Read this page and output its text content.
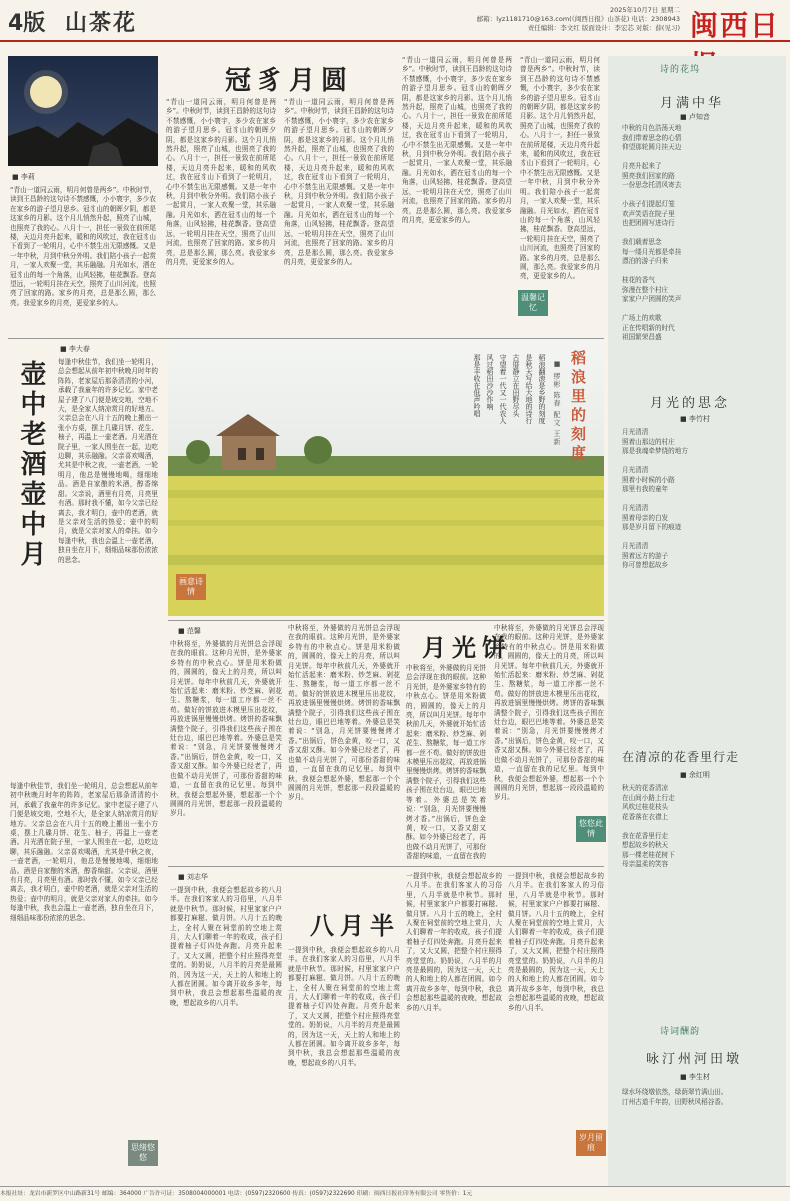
4版 山茶花
2025年10月7日 星期二
邮箱：lyz1181710@163.com(《闽西日报》山茶花) 电话：2308943
责任编辑：李文红 版面设计：李宏芯 对版：薛(见习) 闽西日
■ 李莉
“青山一道同云雨，明月何曾是两乡”。中秋时节，读到王昌龄的这句诗不禁感慨，小小寰宇，多少农在家乡的游子望月思乡。冠豸山的朝晖夕阴，都是这家乡的月影。这个月儿悄然升起，照亮了山城，也照亮了我的心。八月十一，担任一景致在前所尾楼，天边月亮升起来，暖和的风吹过，我在冠豸山下看到了一轮明月，心中不禁生出无限感慨。又是一年中秋，月到中秋分外明。我们陪小孩子一起赏月，一家人欢聚一堂，其乐融融。月光如水，洒在冠豸山的每一个角落，山风轻拂，桂花飘香。登高望远，一轮明月挂在天空，照亮了山川河流，也照亮了回家的路。家乡的月亮，总是那么圆，那么亮。我爱家乡的月亮，更爱家乡的人。
冠豸月圆
“青山一道同云雨，明月何曾是两乡”。中秋时节，读到王昌龄的这句诗不禁感慨，小小寰宇，多少农在家乡的游子望月思乡。冠豸山的朝晖夕阴，都是这家乡的月影。这个月儿悄然升起，照亮了山城，也照亮了我的心。八月十一，担任一景致在前所尾楼，天边月亮升起来，暖和的风吹过，我在冠豸山下看到了一轮明月，心中不禁生出无限感慨。又是一年中秋，月到中秋分外明。我们陪小孩子一起赏月，一家人欢聚一堂，其乐融融。月光如水，洒在冠豸山的每一个角落，山风轻拂，桂花飘香。登高望远，一轮明月挂在天空，照亮了山川河流，也照亮了回家的路。家乡的月亮，总是那么圆，那么亮。我爱家乡的月亮，更爱家乡的人。
“青山一道同云雨，明月何曾是两乡”。中秋时节，读到王昌龄的这句诗不禁感慨，小小寰宇，多少农在家乡的游子望月思乡。冠豸山的朝晖夕阴，都是这家乡的月影。这个月儿悄然升起，照亮了山城，也照亮了我的心。八月十一，担任一景致在前所尾楼，天边月亮升起来，暖和的风吹过，我在冠豸山下看到了一轮明月，心中不禁生出无限感慨。又是一年中秋，月到中秋分外明。我们陪小孩子一起赏月，一家人欢聚一堂，其乐融融。月光如水，洒在冠豸山的每一个角落，山风轻拂，桂花飘香。登高望远，一轮明月挂在天空，照亮了山川河流，也照亮了回家的路。家乡的月亮，总是那么圆，那么亮。我爱家乡的月亮，更爱家乡的人。
“青山一道同云雨，明月何曾是两乡”。中秋时节，读到王昌龄的这句诗不禁感慨，小小寰宇，多少农在家乡的游子望月思乡。冠豸山的朝晖夕阴，都是这家乡的月影。这个月儿悄然升起，照亮了山城，也照亮了我的心。八月十一，担任一景致在前所尾楼，天边月亮升起来，暖和的风吹过，我在冠豸山下看到了一轮明月，心中不禁生出无限感慨。又是一年中秋，月到中秋分外明。我们陪小孩子一起赏月，一家人欢聚一堂，其乐融融。月光如水，洒在冠豸山的每一个角落，山风轻拂，桂花飘香。登高望远，一轮明月挂在天空，照亮了山川河流，也照亮了回家的路。家乡的月亮，总是那么圆，那么亮。我爱家乡的月亮，更爱家乡的人。
“青山一道同云雨，明月何曾是两乡”。中秋时节，读到王昌龄的这句诗不禁感慨，小小寰宇，多少农在家乡的游子望月思乡。冠豸山的朝晖夕阴，都是这家乡的月影。这个月儿悄然升起，照亮了山城，也照亮了我的心。八月十一，担任一景致在前所尾楼，天边月亮升起来，暖和的风吹过，我在冠豸山下看到了一轮明月，心中不禁生出无限感慨。又是一年中秋，月到中秋分外明。我们陪小孩子一起赏月，一家人欢聚一堂，其乐融融。月光如水，洒在冠豸山的每一个角落，山风轻拂，桂花飘香。登高望远，一轮明月挂在天空，照亮了山川河流，也照亮了回家的路。家乡的月亮，总是那么圆，那么亮。我爱家乡的月亮，更爱家乡的人。
温馨记忆
■ 李大春
壶中老酒壶中月	每逢中秋佳节，我们坐一轮明月，总会想起从前年初中秋晚月时年的阵阵，老家屋后那条清清的小河，承载了我童年的许多记忆。家中老屋子建了八门便是坡交地，空地不大，是全家人纳凉赏月的好地方。父亲总会在八月十五的晚上搬出一张小方桌，摆上几碟月饼、花生、柚子，再温上一壶老酒。月光洒在院子里，一家人围坐在一起，边吃边聊，其乐融融。父亲喜欢喝酒，尤其是中秋之夜，一壶老酒，一轮明月，他总是慢慢地喝，细细地品。酒是自家酿的米酒，醇香绵甜。父亲说，酒里有月亮，月亮里有酒。那时我不懂，如今父亲已经离去，我才明白，壶中的老酒，就是父亲对生活的热爱；壶中的明月，就是父亲对家人的牵挂。如今每逢中秋，我也会温上一壶老酒，独自坐在月下，细细品味那份浓浓的思念。
每逢中秋佳节，我们坐一轮明月，总会想起从前年初中秋晚月时年的阵阵，老家屋后那条清清的小河，承载了我童年的许多记忆。家中老屋子建了八门便是坡交地，空地不大，是全家人纳凉赏月的好地方。父亲总会在八月十五的晚上搬出一张小方桌，摆上几碟月饼、花生、柚子，再温上一壶老酒。月光洒在院子里，一家人围坐在一起，边吃边聊，其乐融融。父亲喜欢喝酒，尤其是中秋之夜，一壶老酒，一轮明月，他总是慢慢地喝，细细地品。酒是自家酿的米酒，醇香绵甜。父亲说，酒里有月亮，月亮里有酒。那时我不懂，如今父亲已经离去，我才明白，壶中的老酒，就是父亲对生活的热爱；壶中的明月，就是父亲对家人的牵挂。如今每逢中秋，我也会温上一壶老酒，独自坐在月下，细细品味那份浓浓的思念。
思绪悠悠
稻浪里的刻度
■ 缪彬 陈春 配文 王新
稻浪翻滚是乡野的刻度
是秋天写给大地的诗行
古厝静立在田野尽头
守望着一代又一代农人
风过稻田沙沙作响
那是丰收在低声吟唱
画意诗情
■ 范馨
中秋将至，外婆做的月光饼总会浮现在我的眼前。这种月光饼，是外婆家乡特有的中秋点心。饼是用米粉做的，圆圆的，像天上的月亮，所以叫月光饼。每年中秋前几天，外婆就开始忙活起来：磨米粉、炒芝麻、剁花生、熬糖浆，每一道工序都一丝不苟。做好的饼放进木模里压出花纹，再放进锅里慢慢烘烤。烤饼的香味飘满整个院子，引得我们这些孩子围在灶台边，眼巴巴地等着。外婆总是笑着说：“别急，月光饼要慢慢烤才香。”出锅后，饼色金黄，咬一口，又香又甜又酥。如今外婆已经老了，再也做不动月光饼了，可那份香甜的味道，一直留在我的记忆里。每到中秋，我便会想起外婆，想起那一个个圆圆的月光饼，想起那一段段温暖的岁月。
中秋将至，外婆做的月光饼总会浮现在我的眼前。这种月光饼，是外婆家乡特有的中秋点心。饼是用米粉做的，圆圆的，像天上的月亮，所以叫月光饼。每年中秋前几天，外婆就开始忙活起来：磨米粉、炒芝麻、剁花生、熬糖浆，每一道工序都一丝不苟。做好的饼放进木模里压出花纹，再放进锅里慢慢烘烤。烤饼的香味飘满整个院子，引得我们这些孩子围在灶台边，眼巴巴地等着。外婆总是笑着说：“别急，月光饼要慢慢烤才香。”出锅后，饼色金黄，咬一口，又香又甜又酥。如今外婆已经老了，再也做不动月光饼了，可那份香甜的味道，一直留在我的记忆里。每到中秋，我便会想起外婆，想起那一个个圆圆的月光饼，想起那一段段温暖的岁月。
月光饼
中秋将至，外婆做的月光饼总会浮现在我的眼前。这种月光饼，是外婆家乡特有的中秋点心。饼是用米粉做的，圆圆的，像天上的月亮，所以叫月光饼。每年中秋前几天，外婆就开始忙活起来：磨米粉、炒芝麻、剁花生、熬糖浆，每一道工序都一丝不苟。做好的饼放进木模里压出花纹，再放进锅里慢慢烘烤。烤饼的香味飘满整个院子，引得我们这些孩子围在灶台边，眼巴巴地等着。外婆总是笑着说：“别急，月光饼要慢慢烤才香。”出锅后，饼色金黄，咬一口，又香又甜又酥。如今外婆已经老了，再也做不动月光饼了，可那份香甜的味道，一直留在我的
中秋将至，外婆做的月光饼总会浮现在我的眼前。这种月光饼，是外婆家乡特有的中秋点心。饼是用米粉做的，圆圆的，像天上的月亮，所以叫月光饼。每年中秋前几天，外婆就开始忙活起来：磨米粉、炒芝麻、剁花生、熬糖浆，每一道工序都一丝不苟。做好的饼放进木模里压出花纹，再放进锅里慢慢烘烤。烤饼的香味飘满整个院子，引得我们这些孩子围在灶台边，眼巴巴地等着。外婆总是笑着说：“别急，月光饼要慢慢烤才香。”出锅后，饼色金黄，咬一口，又香又甜又酥。如今外婆已经老了，再也做不动月光饼了，可那份香甜的味道，一直留在我的记忆里。每到中秋，我便会想起外婆，想起那一个个圆圆的月光饼，想起那一段段温暖的岁月。
悠悠此情
■ 刘志华
一提到中秋，我便会想起故乡的八月半。在我们客家人的习俗里，八月半就是中秋节。那时候，村里家家户户都要打麻糍、做月饼。八月十五的晚上，全村人聚在祠堂前的空地上赏月，大人们聊着一年的收成，孩子们提着柚子灯四处奔跑。月亮升起来了，又大又圆，把整个村庄照得亮堂堂的。奶奶说，八月半的月亮是最圆的，因为这一天，天上的人和地上的人都在团圆。如今离开故乡多年，每到中秋，我总会想起那些温暖的夜晚，想起故乡的八月半。
八月半
一提到中秋，我便会想起故乡的八月半。在我们客家人的习俗里，八月半就是中秋节。那时候，村里家家户户都要打麻糍、做月饼。八月十五的晚上，全村人聚在祠堂前的空地上赏月，大人们聊着一年的收成，孩子们提着柚子灯四处奔跑。月亮升起来了，又大又圆，把整个村庄照得亮堂堂的。奶奶说，八月半的月亮是最圆的，因为这一天，天上的人和地上的人都在团圆。如今离开故乡多年，每到中秋，我总会想起那些温暖的夜晚，想起故乡的八月半。
一提到中秋，我便会想起故乡的八月半。在我们客家人的习俗里，八月半就是中秋节。那时候，村里家家户户都要打麻糍、做月饼。八月十五的晚上，全村人聚在祠堂前的空地上赏月，大人们聊着一年的收成，孩子们提着柚子灯四处奔跑。月亮升起来了，又大又圆，把整个村庄照得亮堂堂的。奶奶说，八月半的月亮是最圆的，因为这一天，天上的人和地上的人都在团圆。如今离开故乡多年，每到中秋，我总会想起那些温暖的夜晚，想起故乡的八月半。
一提到中秋，我便会想起故乡的八月半。在我们客家人的习俗里，八月半就是中秋节。那时候，村里家家户户都要打麻糍、做月饼。八月十五的晚上，全村人聚在祠堂前的空地上赏月，大人们聊着一年的收成，孩子们提着柚子灯四处奔跑。月亮升起来了，又大又圆，把整个村庄照得亮堂堂的。奶奶说，八月半的月亮是最圆的，因为这一天，天上的人和地上的人都在团圆。如今离开故乡多年，每到中秋，我总会想起那些温暖的夜晚，想起故乡的八月半。
岁月留痕
诗的花坞
月满中华
■ 卢知音
中秋的月色浩荡天地
我们带着思念的心情
仰望那轮圆月挂天边

月亮升起来了
照亮我们回家的路
一份思念托清风寄去

小孩子们提起灯笼
欢声笑语在院子里
也把团圆写进诗行

我们载着思念
每一缕月光都是牵挂
漂泊的游子归来

桂花的香气
弥漫在整个村庄
家家户户团圆的笑声

广场上的欢歌
正在传唱新的时代
祖国繁荣昌盛
月光的思念
■ 李竹村
月光清清
照着山那边的村庄
那是我魂牵梦绕的地方

月光清清
照着小时候的小路
那里有我的童年

月光清清
照着母亲的白发
那是岁月留下的痕迹

月光清清
照着远方的游子
你可曾想起故乡
在清凉的花香里行走
■ 余红明
秋天的花香清凉
在山间小路上行走
风吹过桂花枝头
花香落在衣襟上

我在花香里行走
想起故乡的秋天
那一棵老桂花树下
母亲温柔的笑容
诗词酬韵
咏汀州河田墩
■ 李生材
绿水环绕墩依然，绿荫翠竹满山田。
汀州古道千年韵，田野秋风稻谷香。
本报社址：龙岩市新罗区中山路新31号 邮编：364000 广告许可证：3508004000001 电话：(0597)2320600 传真：(0597)2322690 印刷：闽西日报社印务有限公司 零售价：1元
